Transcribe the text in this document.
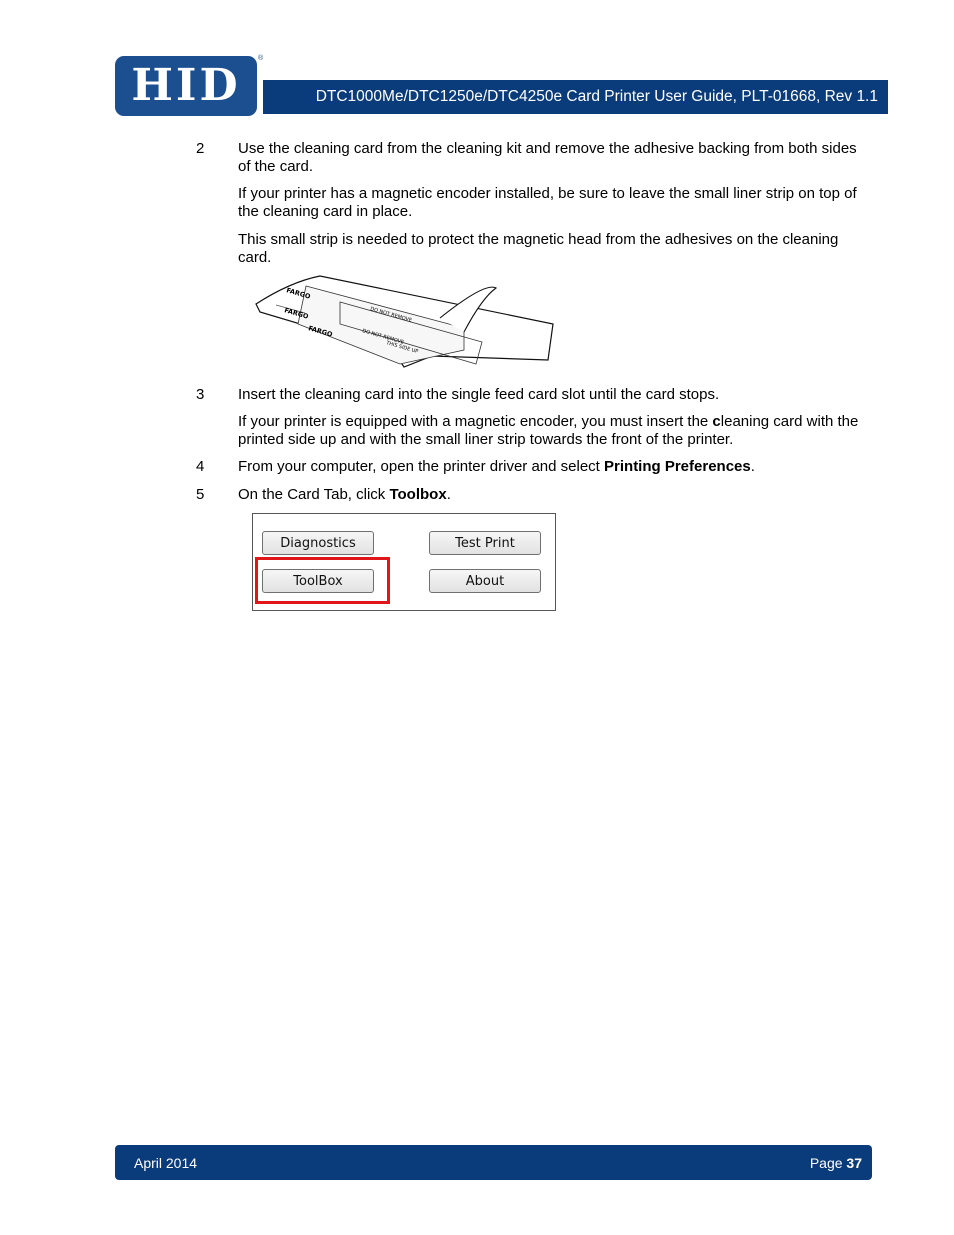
HID
®
DTC1000Me/DTC1250e/DTC4250e Card Printer User Guide, PLT-01668, Rev 1.1
2 Use the cleaning card from the cleaning kit and remove the adhesive backing from both sides of the card.
If your printer has a magnetic encoder installed, be sure to leave the small liner strip on top of the cleaning card in place.
This small strip is needed to protect the magnetic head from the adhesives on the cleaning card.
FARGO
FARGO
FARGO
DO NOT REMOVE
DO NOT REMOVE
THIS SIDE UP
3 Insert the cleaning card into the single feed card slot until the card stops.
If your printer is equipped with a magnetic encoder, you must insert the cleaning card with the printed side up and with the small liner strip towards the front of the printer.
4 From your computer, open the printer driver and select Printing Preferences.
5 On the Card Tab, click Toolbox.
Diagnostics	Test Print
ToolBox	About
April 2014	Page 37
